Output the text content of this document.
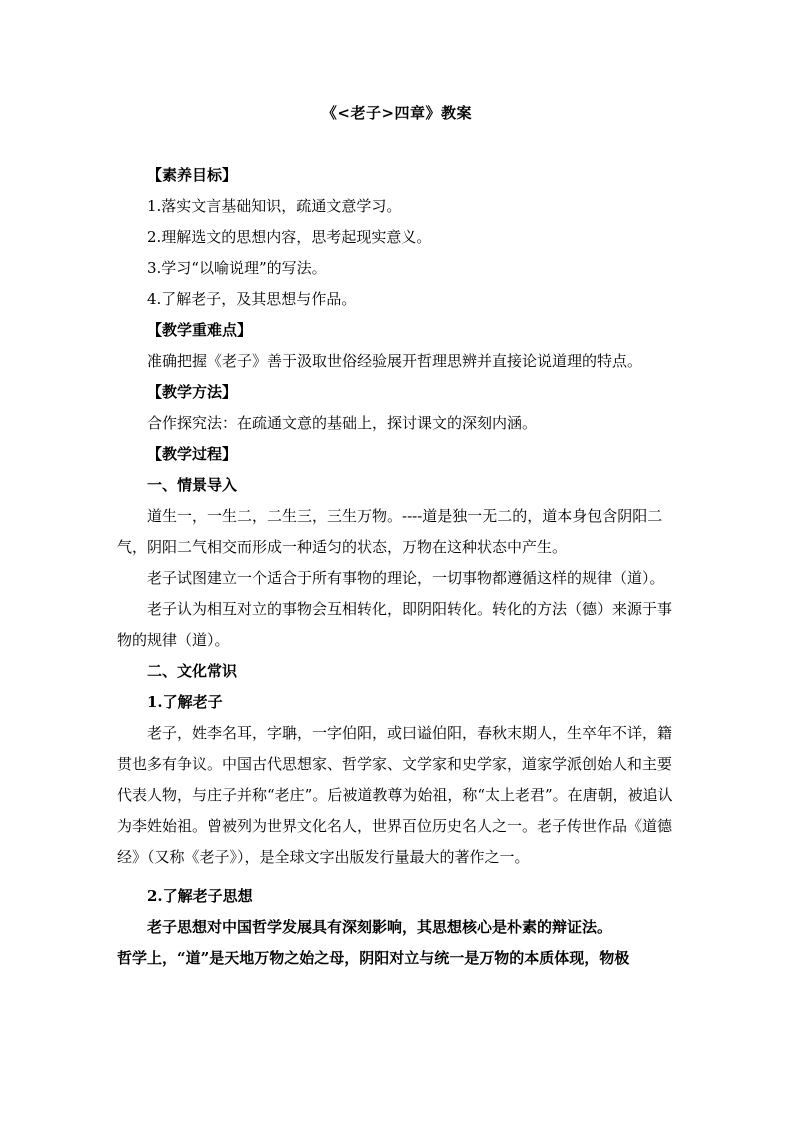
《<老子>四章》教案

【素养目标】

1.落实文言基础知识，疏通文意学习。

2.理解选文的思想内容，思考起现实意义。

3.学习“以喻说理”的写法。

4.了解老子，及其思想与作品。

【教学重难点】

准确把握《老子》善于汲取世俗经验展开哲理思辨并直接论说道理的特点。

【教学方法】

合作探究法：在疏通文意的基础上，探讨课文的深刻内涵。

【教学过程】

一、情景导入

道生一，一生二，二生三，三生万物。----道是独一无二的，道本身包含阴阳二气，阴阳二气相交而形成一种适匀的状态，万物在这种状态中产生。

老子试图建立一个适合于所有事物的理论，一切事物都遵循这样的规律（道）。

老子认为相互对立的事物会互相转化，即阴阳转化。转化的方法（德）来源于事物的规律（道）。

二、文化常识

1.了解老子

老子，姓李名耳，字聃，一字伯阳，或曰谥伯阳，春秋末期人，生卒年不详，籍贯也多有争议。中国古代思想家、哲学家、文学家和史学家，道家学派创始人和主要代表人物，与庄子并称“老庄”。后被道教尊为始祖，称“太上老君”。在唐朝，被追认为李姓始祖。曾被列为世界文化名人，世界百位历史名人之一。老子传世作品《道德经》（又称《老子》），是全球文字出版发行量最大的著作之一。

2.了解老子思想

老子思想对中国哲学发展具有深刻影响，其思想核心是朴素的辩证法。

哲学上，“道”是天地万物之始之母，阴阳对立与统一是万物的本质体现，物极
